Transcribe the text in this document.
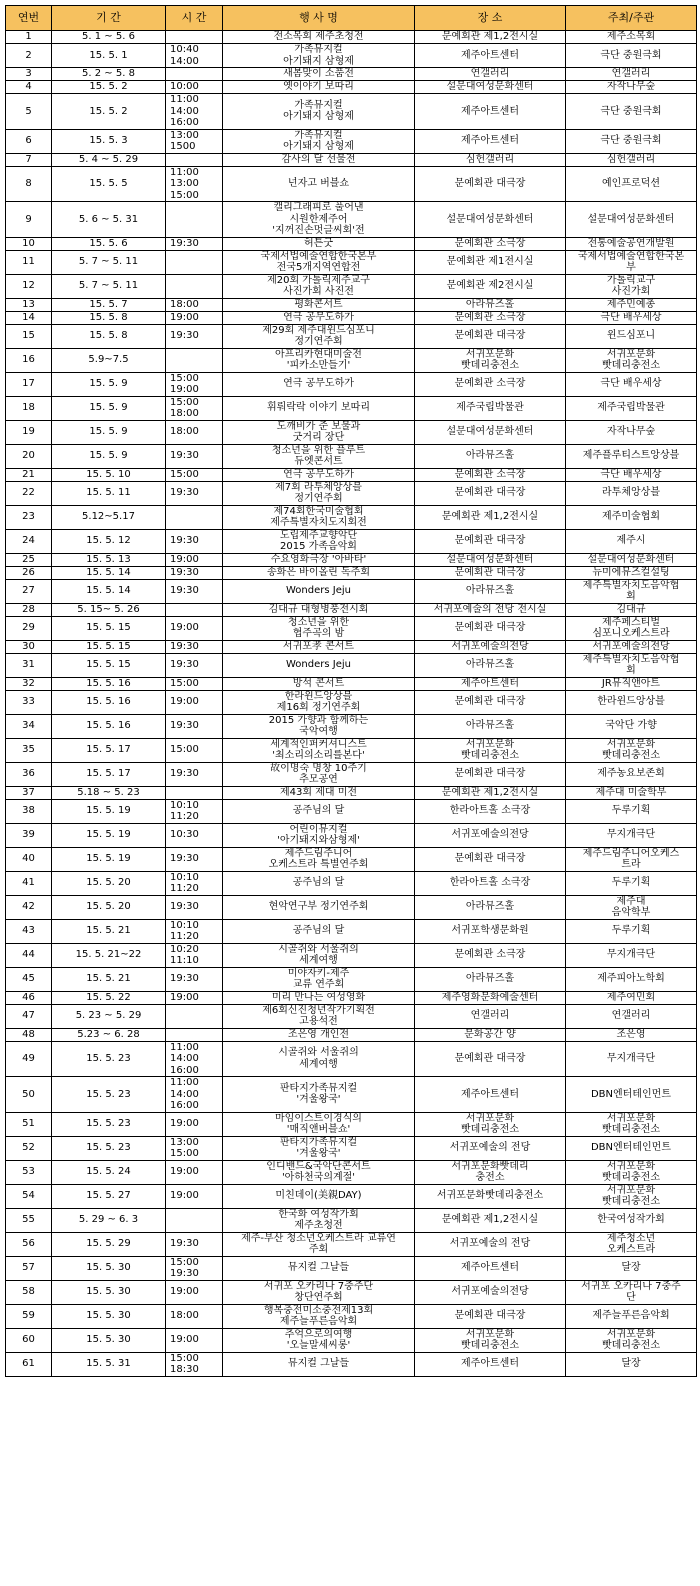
연번	기 간	시 간	행 사 명	장 소	주최/주관
1	5. 1 ~ 5. 6		전소목회 제주초청전	문예회관 제1,2전시실	제주소목회
2	15. 5. 1	10:40
14:00	가족뮤지컬
아기돼지 삼형제	제주아트센터	극단 중원극회
3	5. 2 ~ 5. 8		새봄맞이 소품전	연갤러리	연갤러리
4	15. 5. 2	10:00	옛이야기 보따리	설문대여성문화센터	자작나무숲
5	15. 5. 2	11:00
14:00
16:00	가족뮤지컬
아기돼지 삼형제	제주아트센터	극단 중원극회
6	15. 5. 3	13:00
1500	가족뮤지컬
아기돼지 삼형제	제주아트센터	극단 중원극회
7	5. 4 ~ 5. 29		감사의 달 선물전	심헌갤러리	심헌갤러리
8	15. 5. 5	11:00
13:00
15:00	넌자고 버블쇼	문예회관 대극장	예인프로덕션
9	5. 6 ~ 5. 31		캘리그래피로 풀어낸
시원한제주어
'지꺼진손멋글씨회'전	설문대여성문화센터	설문대여성문화센터
10	15. 5. 6	19:30	허튼굿	문예회관 소극장	전통예술공연개발원
11	5. 7 ~ 5. 11		국제서법예술연합한국본부
전국5개지역연합전	문예회관 제1전시실	국제서법예술연합한국본
부
12	5. 7 ~ 5. 11		제20회 가톨릭제주교구
사진가회 사진전	문예회관 제2전시실	가톨릭교구
사진가회
13	15. 5. 7	18:00	평화콘서트	아라뮤즈홀	제주민예총
14	15. 5. 8	19:00	연극 공무도하가	문예회관 소극장	극단 배우세상
15	15. 5. 8	19:30	제29회 제주대윈드심포니
정기연주회	문예회관 대극장	윈드심포니
16	5.9~7.5		아프리카현대미술전
'피카소만들기'	서귀포문화
빳데리충전소	서귀포문화
빳데리충전소
17	15. 5. 9	15:00
19:00	연극 공무도하가	문예회관 소극장	극단 배우세상
18	15. 5. 9	15:00
18:00	휘뤄락락 이야기 보따리	제주국립박물관	제주국립박물관
19	15. 5. 9	18:00	도깨비가 준 보물과
굿거리 장단	설문대여성문화센터	자작나무숲
20	15. 5. 9	19:30	청소년을 위한 플루트
듀엣콘서트	아라뮤즈홀	제주플루티스트앙상블
21	15. 5. 10	15:00	연극 공무도하가	문예회관 소극장	극단 배우세상
22	15. 5. 11	19:30	제7회 라투체앙상블
정기연주회	문예회관 대극장	라투체앙상블
23	5.12~5.17		제74회한국미술협회
제주특별자치도지회전	문예회관 제1,2전시실	제주미술협회
24	15. 5. 12	19:30	도립제주교향악단
2015 가족음악회	문예회관 대극장	제주시
25	15. 5. 13	19:00	수요영화극장 '아바타'	설문대여성문화센터	설문대여성문화센터
26	15. 5. 14	19:30	송화은 바이올린 독주회	문예회관 대극장	뉴미에뮤즈컬설팅
27	15. 5. 14	19:30	Wonders Jeju	아라뮤즈홀	제주특별자치도음악협
회
28	5. 15~ 5. 26		김대규 대형병풍전시회	서귀포예술의 전당 전시실	김대규
29	15. 5. 15	19:00	청소년을 위한
협주곡의 밤	문예회관 대극장	제주페스티벌
심포니오케스트라
30	15. 5. 15	19:30	서귀포孝 콘서트	서귀포예술의전당	서귀포예술의전당
31	15. 5. 15	19:30	Wonders Jeju	아라뮤즈홀	제주특별자치도음악협
회
32	15. 5. 16	15:00	방석 콘서트	제주아트센터	JR뮤직앤아트
33	15. 5. 16	19:00	한라윈드앙상블
제16회 정기연주회	문예회관 대극장	한라윈드앙상블
34	15. 5. 16	19:30	2015 가향과 함께하는
국악여행	아라뮤즈홀	국악단 가향
35	15. 5. 17	15:00	세계적인퍼커셔니스트
'최소리의소리를본다'	서귀포문화
빳데리충전소	서귀포문화
빳데리충전소
36	15. 5. 17	19:30	故이명숙 명창 10주기
추모공연	문예회관 대극장	제주농요보존회
37	5.18 ~ 5. 23		제43회 제대 미전	문예회관 제1,2전시실	제주대 미술학부
38	15. 5. 19	10:10
11:20	공주님의 달	한라아트홀 소극장	두루기획
39	15. 5. 19	10:30	어린이뮤지컬
'아기돼지와삼형제'	서귀포예술의전당	무지개극단
40	15. 5. 19	19:30	제주드림주니어
오케스트라 특별연주회	문예회관 대극장	제주드림주니어오케스
트라
41	15. 5. 20	10:10
11:20	공주님의 달	한라아트홀 소극장	두루기획
42	15. 5. 20	19:30	현악연구부 정기연주회	아라뮤즈홀	제주대
음악학부
43	15. 5. 21	10:10
11:20	공주님의 달	서귀포학생문화원	두루기획
44	15. 5. 21~22	10:20
11:10	시골쥐와 서울쥐의
세계여행	문예회관 소극장	무지개극단
45	15. 5. 21	19:30	미야자키-제주
교류 연주회	아라뮤즈홀	제주피아노학회
46	15. 5. 22	19:00	미리 만나는 여성영화	제주영화문화예술센터	제주여민회
47	5. 23 ~ 5. 29		제6회신진청년작가기획전
고용석전	연갤러리	연갤러리
48	5.23 ~ 6. 28		조은영 개인전	문화공간 양	조은영
49	15. 5. 23	11:00
14:00
16:00	시골쥐와 서울쥐의
세계여행	문예회관 대극장	무지개극단
50	15. 5. 23	11:00
14:00
16:00	판타지가족뮤지컬
'겨울왕국'	제주아트센터	DBN엔터테인먼트
51	15. 5. 23	19:00	마임이스트이경식의
'매직앤버블쇼'	서귀포문화
빳데리충전소	서귀포문화
빳데리충전소
52	15. 5. 23	13:00
15:00	판타지가족뮤지컬
'겨울왕국'	서귀포예술의 전당	DBN엔터테인먼트
53	15. 5. 24	19:00	인디밴드&국악단콘서트
'아하천국의계절'	서귀포문화빳데리
충전소	서귀포문화
빳데리충전소
54	15. 5. 27	19:00	미친데이(美親DAY)	서귀포문화빳데리충전소	서귀포문화
빳데리충전소
55	5. 29 ~ 6. 3		한국화 여성작가회
제주초청전	문예회관 제1,2전시실	한국여성작가회
56	15. 5. 29	19:30	제주-부산 청소년오케스트라 교류연
주회	서귀포예술의 전당	제주청소년
오케스트라
57	15. 5. 30	15:00
19:30	뮤지컬 그날들	제주아트센터	달장
58	15. 5. 30	19:00	서귀포 오카리나 7중주단
창단연주회	서귀포예술의전당	서귀포 오카리나 7중주
단
59	15. 5. 30	18:00	행복충전미소충전제13회
제주늘푸른음악회	문예회관 대극장	제주늘푸른음악회
60	15. 5. 30	19:00	추억으로의여행
'오늘말세씨롱'	서귀포문화
빳데리충전소	서귀포문화
빳데리충전소
61	15. 5. 31	15:00
18:30	뮤지컬 그날들	제주아트센터	달장
